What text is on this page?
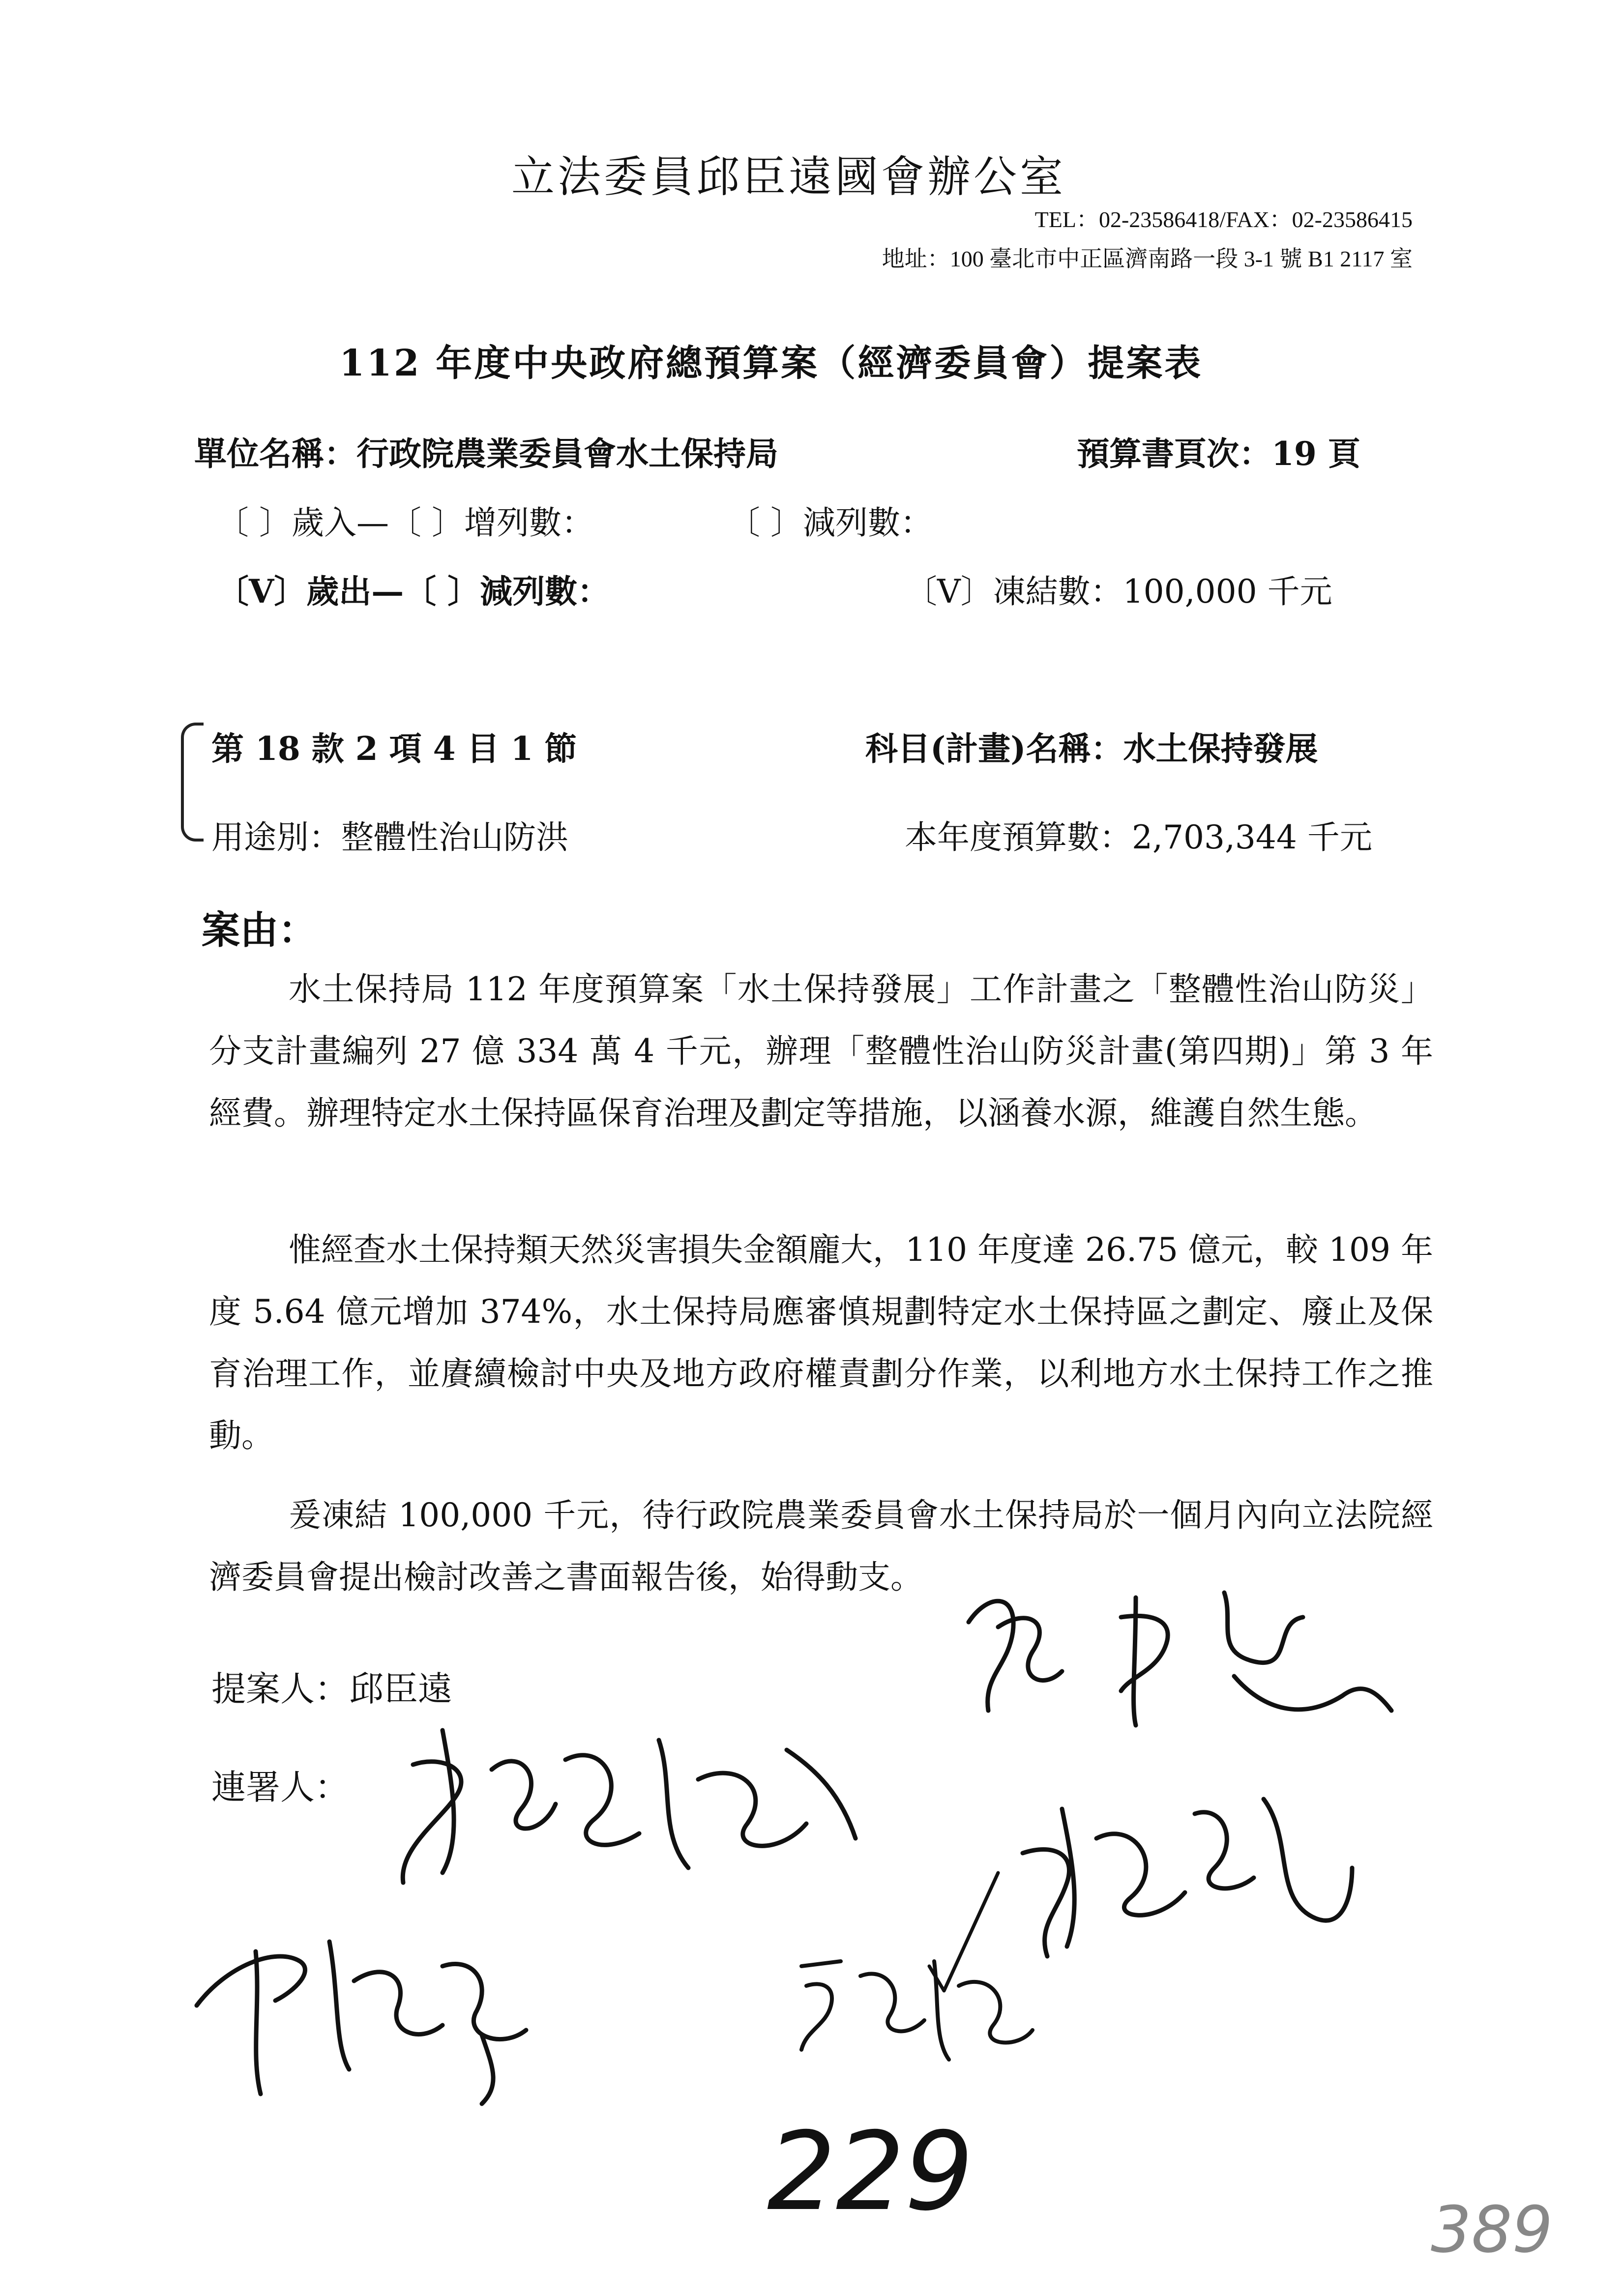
立法委員邱臣遠國會辦公室
TEL：02-23586418/FAX：02-23586415
地址：100 臺北市中正區濟南路一段 3-1 號 B1 2117 室
112 年度中央政府總預算案（經濟委員會）提案表
單位名稱：行政院農業委員會水土保持局	預算書頁次：19 頁
〔 〕歲入—〔 〕增列數：	〔 〕減列數：
〔V〕歲出—〔 〕減列數：	〔V〕凍結數：100,000 千元
第 18 款 2 項 4 目 1 節	科目(計畫)名稱：水土保持發展
用途別：整體性治山防洪	本年度預算數：2,703,344 千元
案由：

水土保持局 112 年度預算案「水土保持發展」工作計畫之「整體性治山防災」分支計畫編列 27 億 334 萬 4 千元，辦理「整體性治山防災計畫(第四期)」第 3 年經費。辦理特定水土保持區保育治理及劃定等措施，以涵養水源，維護自然生態。

惟經查水土保持類天然災害損失金額龐大，110 年度達 26.75 億元，較 109 年度 5.64 億元增加 374%，水土保持局應審慎規劃特定水土保持區之劃定、廢止及保育治理工作，並賡續檢討中央及地方政府權責劃分作業，以利地方水土保持工作之推動。

爰凍結 100,000 千元，待行政院農業委員會水土保持局於一個月內向立法院經濟委員會提出檢討改善之書面報告後，始得動支。

提案人：邱臣遠
連署人：
229	389
